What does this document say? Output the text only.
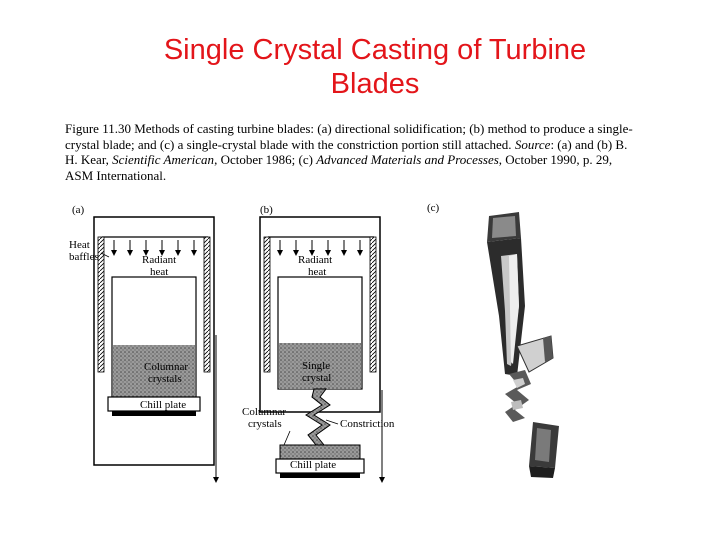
Single Crystal Casting of Turbine
Blades
Figure 11.30 Methods of casting turbine blades: (a) directional solidification; (b) method to produce a single-crystal blade; and (c) a single-crystal blade with the constriction portion still attached. Source: (a) and (b) B. H. Kear, Scientific American, October 1986; (c) Advanced Materials and Processes, October 1990, p. 29, ASM International.
(a)
Heat
baffles	Radiant
heat
Columnar
crystals
Chill plate
(b)
Radiant
heat
Single
crystal
Columnar
crystals	Constriction
Chill plate
(c)
